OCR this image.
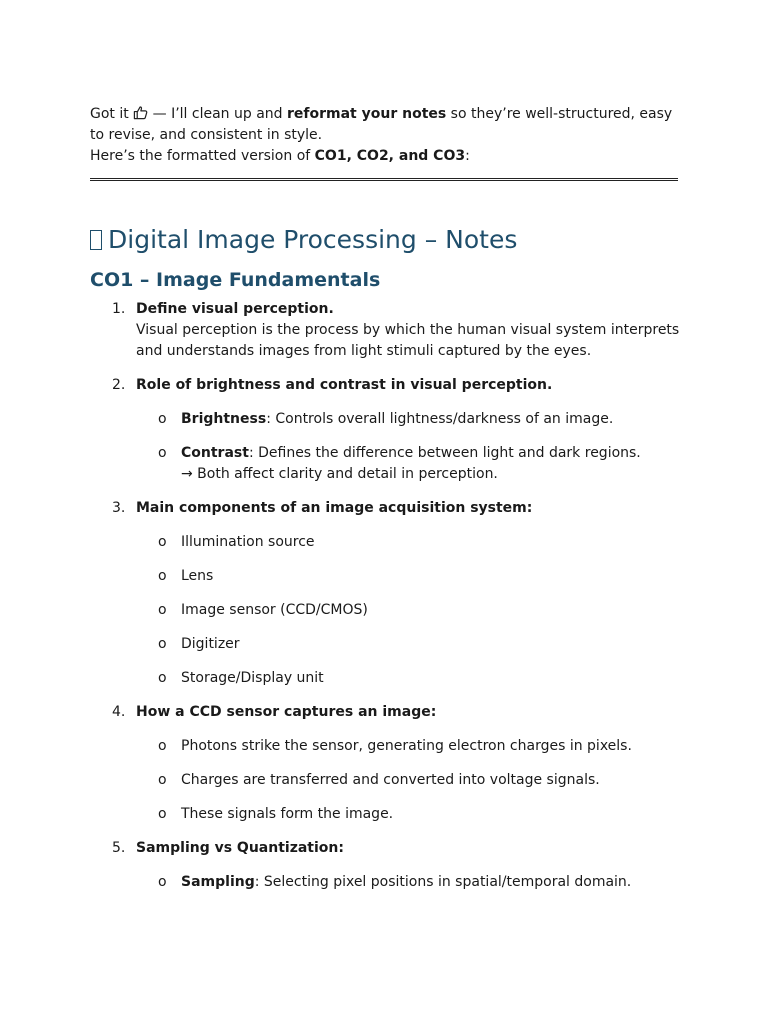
Got it  — I’ll clean up and reformat your notes so they’re well-structured, easy to revise, and consistent in style.
Here’s the formatted version of CO1, CO2, and CO3:

Digital Image Processing – Notes
CO1 – Image Fundamentals
1. Define visual perception.
Visual perception is the process by which the human visual system interprets and understands images from light stimuli captured by the eyes.
2. Role of brightness and contrast in visual perception.
o Brightness: Controls overall lightness/darkness of an image.
o Contrast: Defines the difference between light and dark regions.
→ Both affect clarity and detail in perception.
3. Main components of an image acquisition system:
o Illumination source
o Lens
o Image sensor (CCD/CMOS)
o Digitizer
o Storage/Display unit
4. How a CCD sensor captures an image:
o Photons strike the sensor, generating electron charges in pixels.
o Charges are transferred and converted into voltage signals.
o These signals form the image.
5. Sampling vs Quantization:
o Sampling: Selecting pixel positions in spatial/temporal domain.
